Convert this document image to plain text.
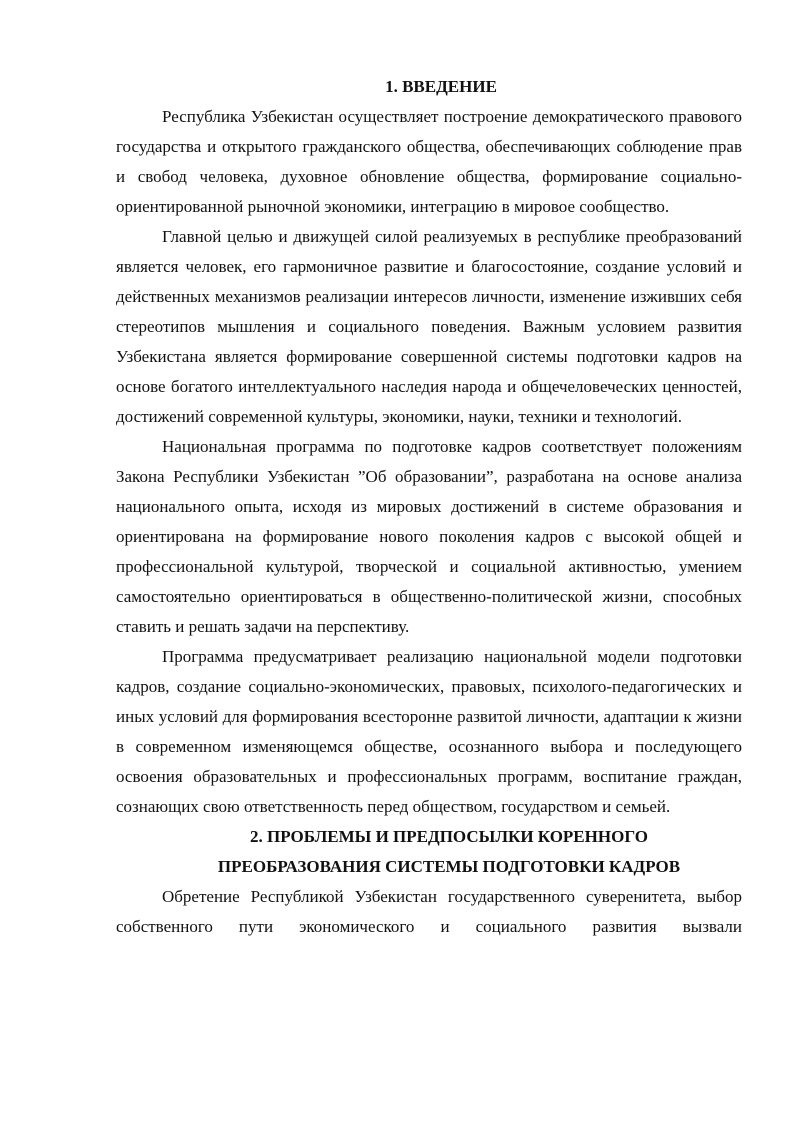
1. ВВЕДЕНИЕ

Республика Узбекистан осуществляет построение демократического правового государства и открытого гражданского общества, обеспечивающих соблюдение прав и свобод человека, духовное обновление общества, формирование социально-ориентированной рыночной экономики, интеграцию в мировое сообщество.

Главной целью и движущей силой реализуемых в республике преобразований является человек, его гармоничное развитие и благосостояние, создание условий и действенных механизмов реализации интересов личности, изменение изживших себя стереотипов мышления и социального поведения. Важным условием развития Узбекистана является формирование совершенной системы подготовки кадров на основе богатого интеллектуального наследия народа и общечеловеческих ценностей, достижений современной культуры, экономики, науки, техники и технологий.

Национальная программа по подготовке кадров соответствует положениям Закона Республики Узбекистан ”Об образовании”, разработана на основе анализа национального опыта, исходя из мировых достижений в системе образования и ориентирована на формирование нового поколения кадров с высокой общей и профессиональной культурой, творческой и социальной активностью, умением самостоятельно ориентироваться в общественно-политической жизни, способных ставить и решать задачи на перспективу.

Программа предусматривает реализацию национальной модели подготовки кадров, создание социально-экономических, правовых, психолого-педагогических и иных условий для формирования всесторонне развитой личности, адаптации к жизни в современном изменяющемся обществе, осознанного выбора и последующего освоения образовательных и профессиональных программ, воспитание граждан, сознающих свою ответственность перед обществом, государством и семьей.

2. ПРОБЛЕМЫ И ПРЕДПОСЫЛКИ КОРЕННОГО
ПРЕОБРАЗОВАНИЯ СИСТЕМЫ ПОДГОТОВКИ КАДРОВ

Обретение Республикой Узбекистан государственного суверенитета, выбор собственного пути экономического и социального развития вызвали
